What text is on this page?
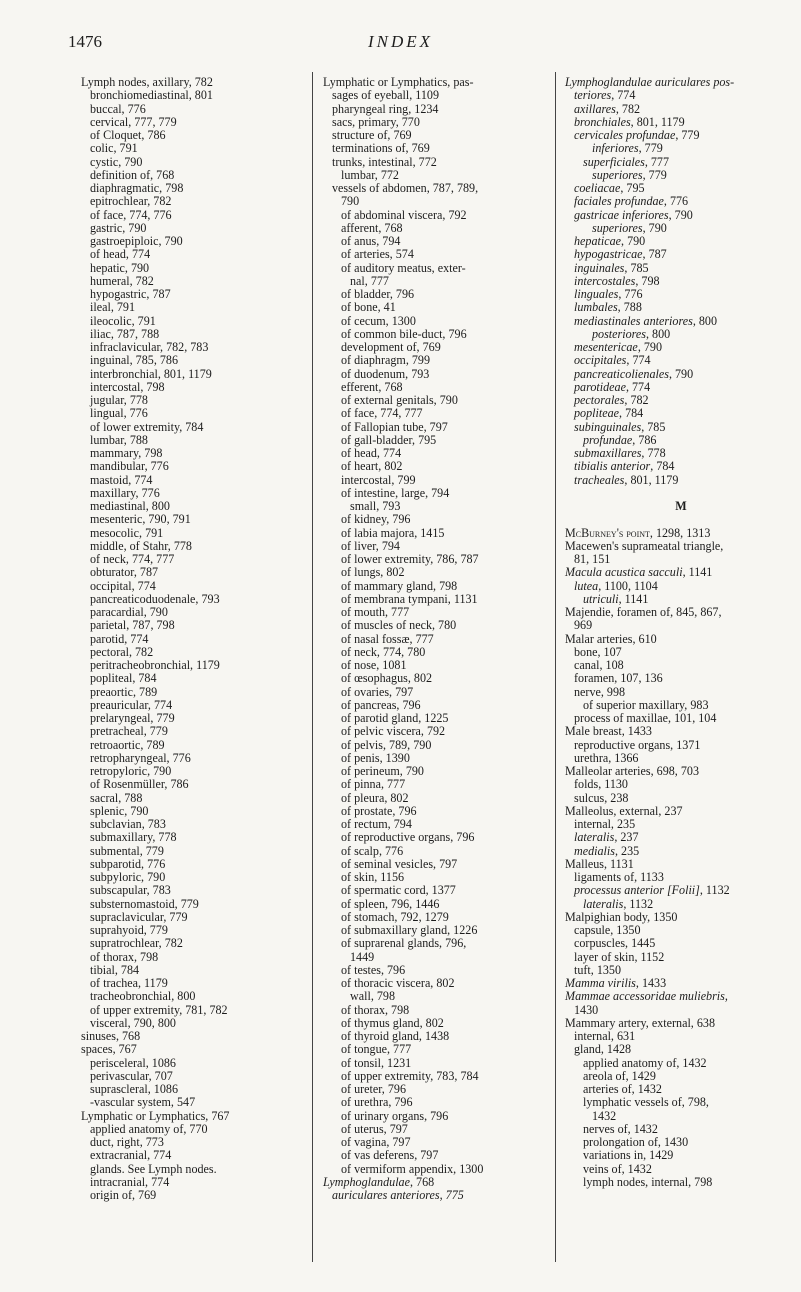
1476	INDEX
Lymph nodes, axillary, 782
bronchiomediastinal, 801
buccal, 776
cervical, 777, 779
of Cloquet, 786
colic, 791
cystic, 790
definition of, 768
diaphragmatic, 798
epitrochlear, 782
of face, 774, 776
gastric, 790
gastroepiploic, 790
of head, 774
hepatic, 790
humeral, 782
hypogastric, 787
ileal, 791
ileocolic, 791
iliac, 787, 788
infraclavicular, 782, 783
inguinal, 785, 786
interbronchial, 801, 1179
intercostal, 798
jugular, 778
lingual, 776
of lower extremity, 784
lumbar, 788
mammary, 798
mandibular, 776
mastoid, 774
maxillary, 776
mediastinal, 800
mesenteric, 790, 791
mesocolic, 791
middle, of Stahr, 778
of neck, 774, 777
obturator, 787
occipital, 774
pancreaticoduodenale, 793
paracardial, 790
parietal, 787, 798
parotid, 774
pectoral, 782
peritracheobronchial, 1179
popliteal, 784
preaortic, 789
preauricular, 774
prelaryngeal, 779
pretracheal, 779
retroaortic, 789
retropharyngeal, 776
retropyloric, 790
of Rosenmüller, 786
sacral, 788
splenic, 790
subclavian, 783
submaxillary, 778
submental, 779
subparotid, 776
subpyloric, 790
subscapular, 783
substernomastoid, 779
supraclavicular, 779
suprahyoid, 779
supratrochlear, 782
of thorax, 798
tibial, 784
of trachea, 1179
tracheobronchial, 800
of upper extremity, 781, 782
visceral, 790, 800
sinuses, 768
spaces, 767
perisceleral, 1086
perivascular, 707
suprascleral, 1086
-vascular system, 547
Lymphatic or Lymphatics, 767
applied anatomy of, 770
duct, right, 773
extracranial, 774
glands. See Lymph nodes.
intracranial, 774
origin of, 769
Lymphatic or Lymphatics, pas-
sages of eyeball, 1109
pharyngeal ring, 1234
sacs, primary, 770
structure of, 769
terminations of, 769
trunks, intestinal, 772
lumbar, 772
vessels of abdomen, 787, 789,
790
of abdominal viscera, 792
afferent, 768
of anus, 794
of arteries, 574
of auditory meatus, exter-
nal, 777
of bladder, 796
of bone, 41
of cecum, 1300
of common bile-duct, 796
development of, 769
of diaphragm, 799
of duodenum, 793
efferent, 768
of external genitals, 790
of face, 774, 777
of Fallopian tube, 797
of gall-bladder, 795
of head, 774
of heart, 802
intercostal, 799
of intestine, large, 794
small, 793
of kidney, 796
of labia majora, 1415
of liver, 794
of lower extremity, 786, 787
of lungs, 802
of mammary gland, 798
of membrana tympani, 1131
of mouth, 777
of muscles of neck, 780
of nasal fossæ, 777
of neck, 774, 780
of nose, 1081
of œsophagus, 802
of ovaries, 797
of pancreas, 796
of parotid gland, 1225
of pelvic viscera, 792
of pelvis, 789, 790
of penis, 1390
of perineum, 790
of pinna, 777
of pleura, 802
of prostate, 796
of rectum, 794
of reproductive organs, 796
of scalp, 776
of seminal vesicles, 797
of skin, 1156
of spermatic cord, 1377
of spleen, 796, 1446
of stomach, 792, 1279
of submaxillary gland, 1226
of suprarenal glands, 796,
1449
of testes, 796
of thoracic viscera, 802
wall, 798
of thorax, 798
of thymus gland, 802
of thyroid gland, 1438
of tongue, 777
of tonsil, 1231
of upper extremity, 783, 784
of ureter, 796
of urethra, 796
of urinary organs, 796
of uterus, 797
of vagina, 797
of vas deferens, 797
of vermiform appendix, 1300
Lymphoglandulae, 768
auriculares anteriores, 775
Lymphoglandulae auriculares pos-
teriores, 774
axillares, 782
bronchiales, 801, 1179
cervicales profundae, 779
inferiores, 779
superficiales, 777
superiores, 779
coeliacae, 795
faciales profundae, 776
gastricae inferiores, 790
superiores, 790
hepaticae, 790
hypogastricae, 787
inguinales, 785
intercostales, 798
linguales, 776
lumbales, 788
mediastinales anteriores, 800
posteriores, 800
mesentericae, 790
occipitales, 774
pancreaticolienales, 790
parotideae, 774
pectorales, 782
popliteae, 784
subinguinales, 785
profundae, 786
submaxillares, 778
tibialis anterior, 784
tracheales, 801, 1179

M

McBurney's point, 1298, 1313
Macewen's suprameatal triangle,
81, 151
Macula acustica sacculi, 1141
lutea, 1100, 1104
utriculi, 1141
Majendie, foramen of, 845, 867,
969
Malar arteries, 610
bone, 107
canal, 108
foramen, 107, 136
nerve, 998
of superior maxillary, 983
process of maxillae, 101, 104
Male breast, 1433
reproductive organs, 1371
urethra, 1366
Malleolar arteries, 698, 703
folds, 1130
sulcus, 238
Malleolus, external, 237
internal, 235
lateralis, 237
medialis, 235
Malleus, 1131
ligaments of, 1133
processus anterior [Folii], 1132
lateralis, 1132
Malpighian body, 1350
capsule, 1350
corpuscles, 1445
layer of skin, 1152
tuft, 1350
Mamma virilis, 1433
Mammae accessoridae muliebris,
1430
Mammary artery, external, 638
internal, 631
gland, 1428
applied anatomy of, 1432
areola of, 1429
arteries of, 1432
lymphatic vessels of, 798,
1432
nerves of, 1432
prolongation of, 1430
variations in, 1429
veins of, 1432
lymph nodes, internal, 798
